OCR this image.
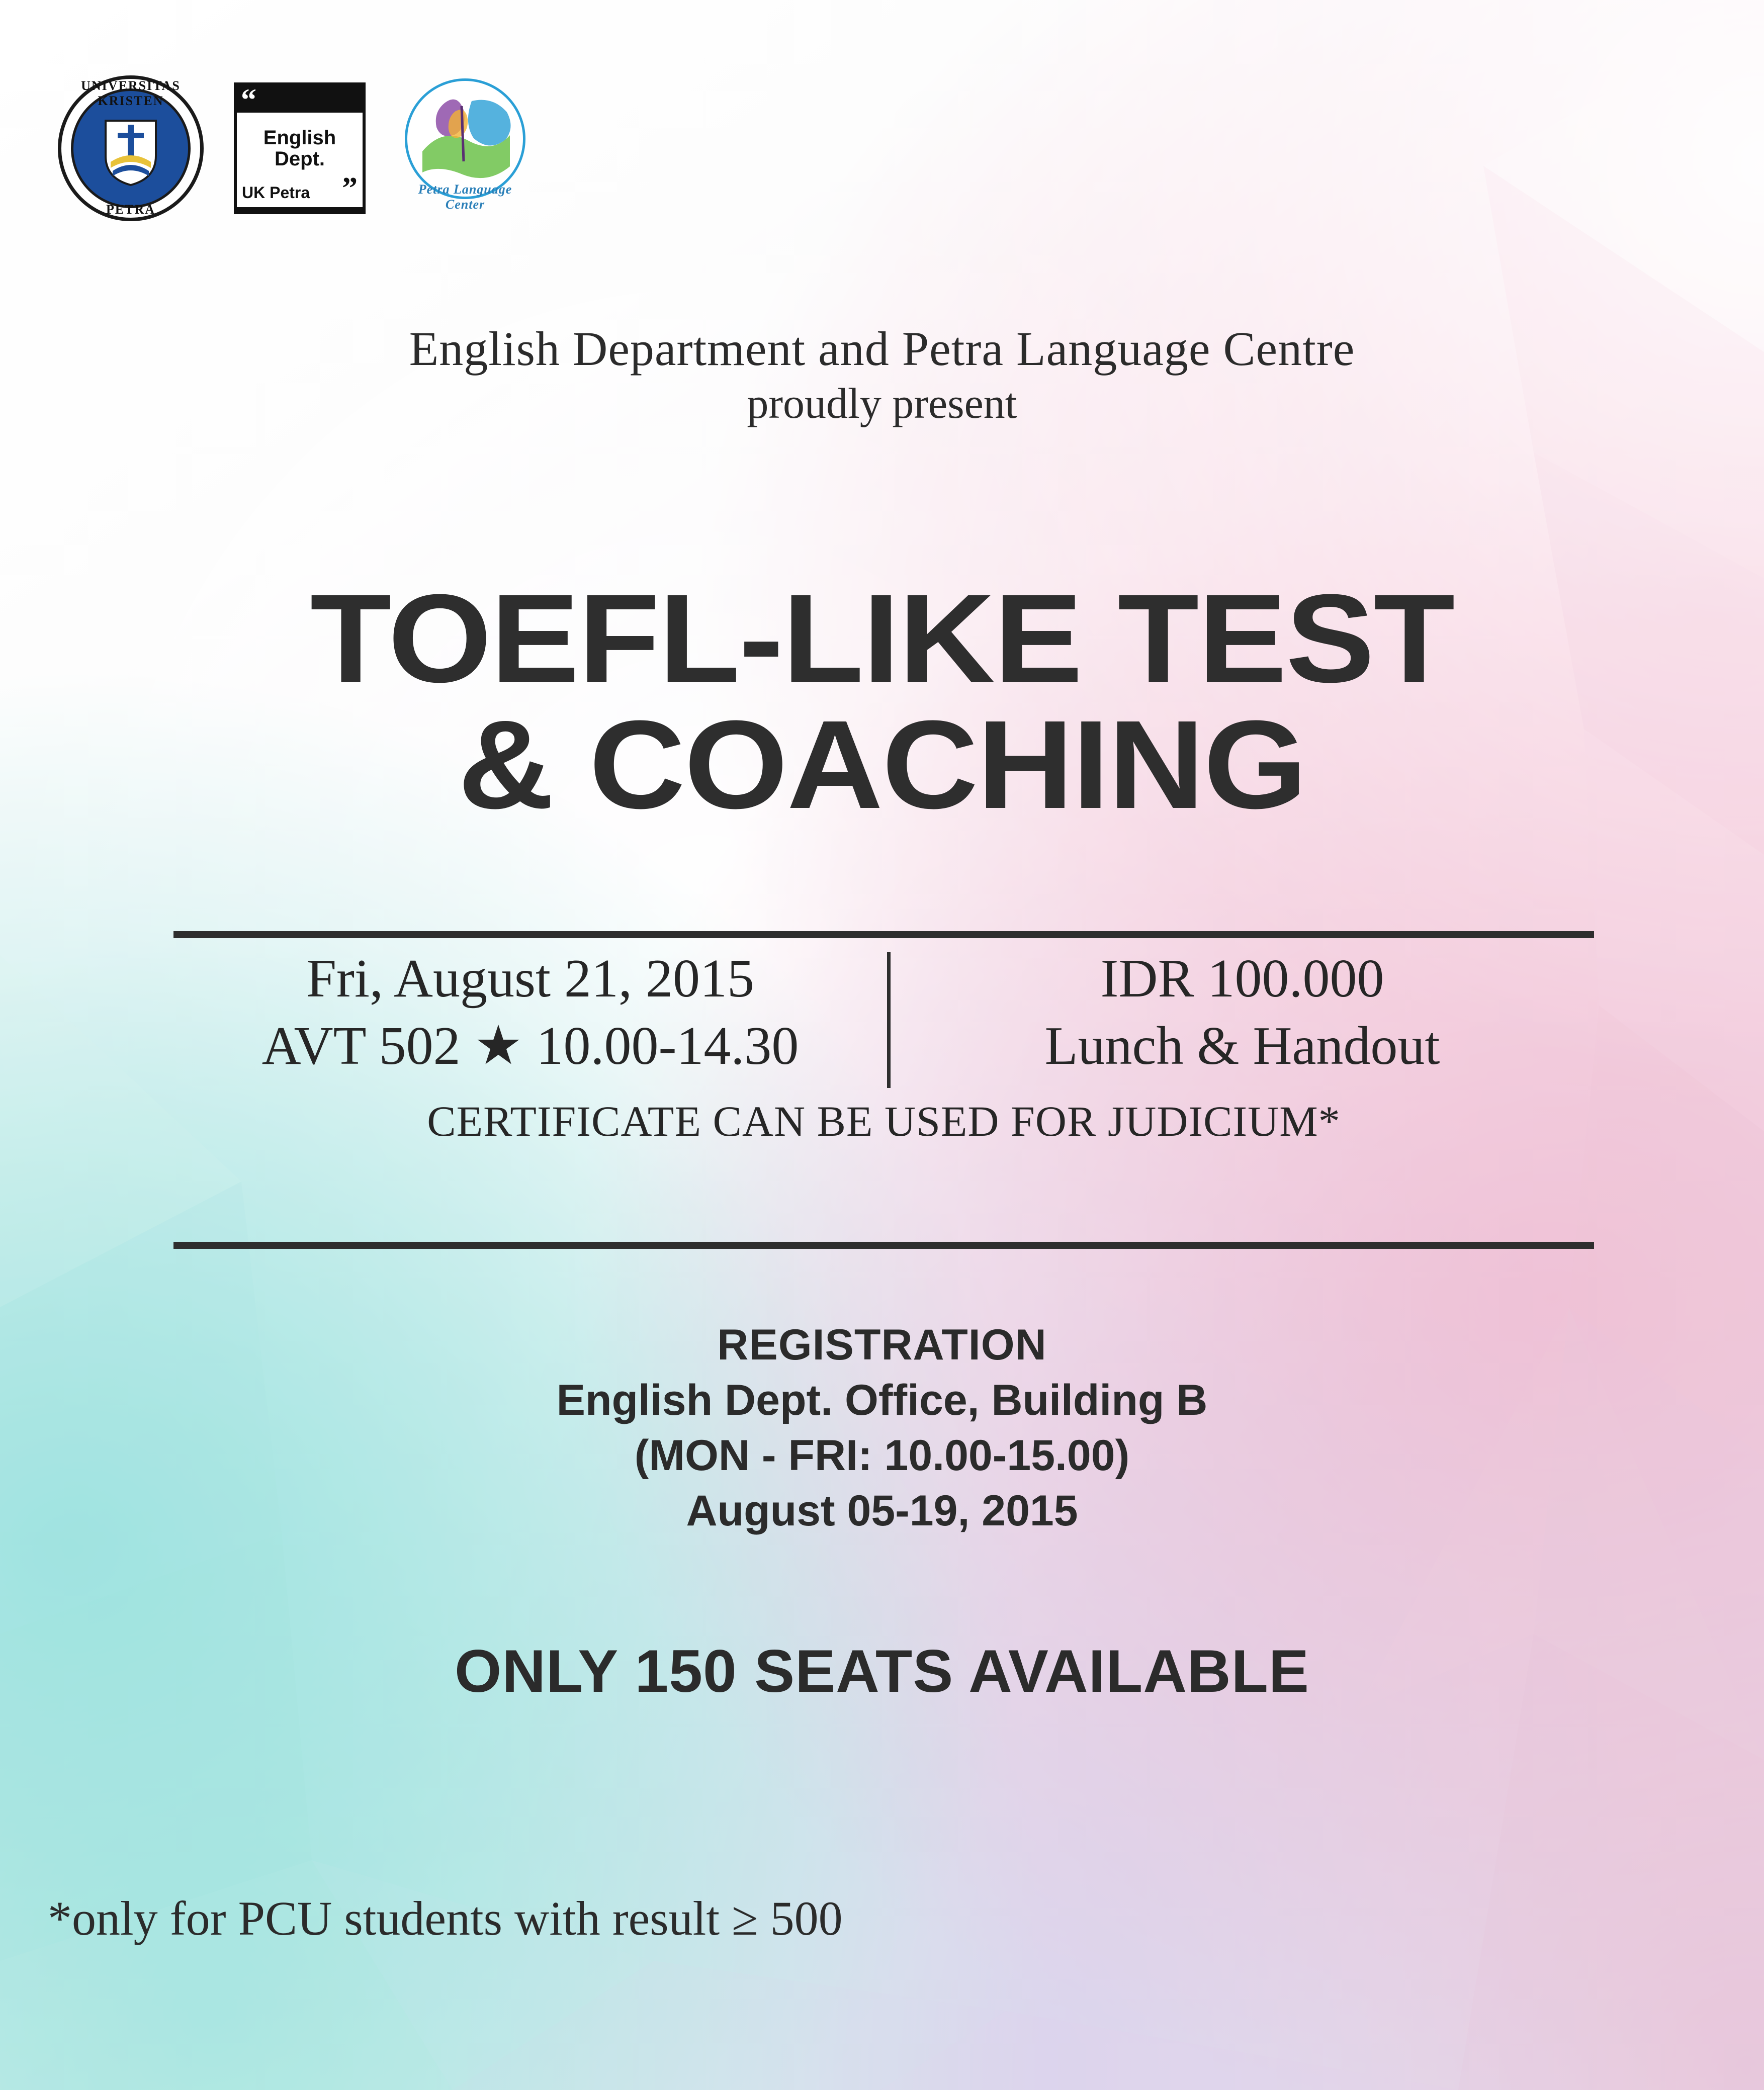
UNIVERSITAS KRISTEN
PETRA
“
English
Dept.
UK Petra	”	Petra Language Center
English Department and Petra Language Centre
proudly present
TOEFL-LIKE TEST
& COACHING
Fri, August 21, 2015
AVT 502 ★ 10.00-14.30
IDR 100.000
Lunch & Handout
CERTIFICATE CAN BE USED FOR JUDICIUM*
REGISTRATION
English Dept. Office, Building B
(MON - FRI: 10.00-15.00)
August 05-19, 2015
ONLY 150 SEATS AVAILABLE
*only for PCU students with result ≥ 500
